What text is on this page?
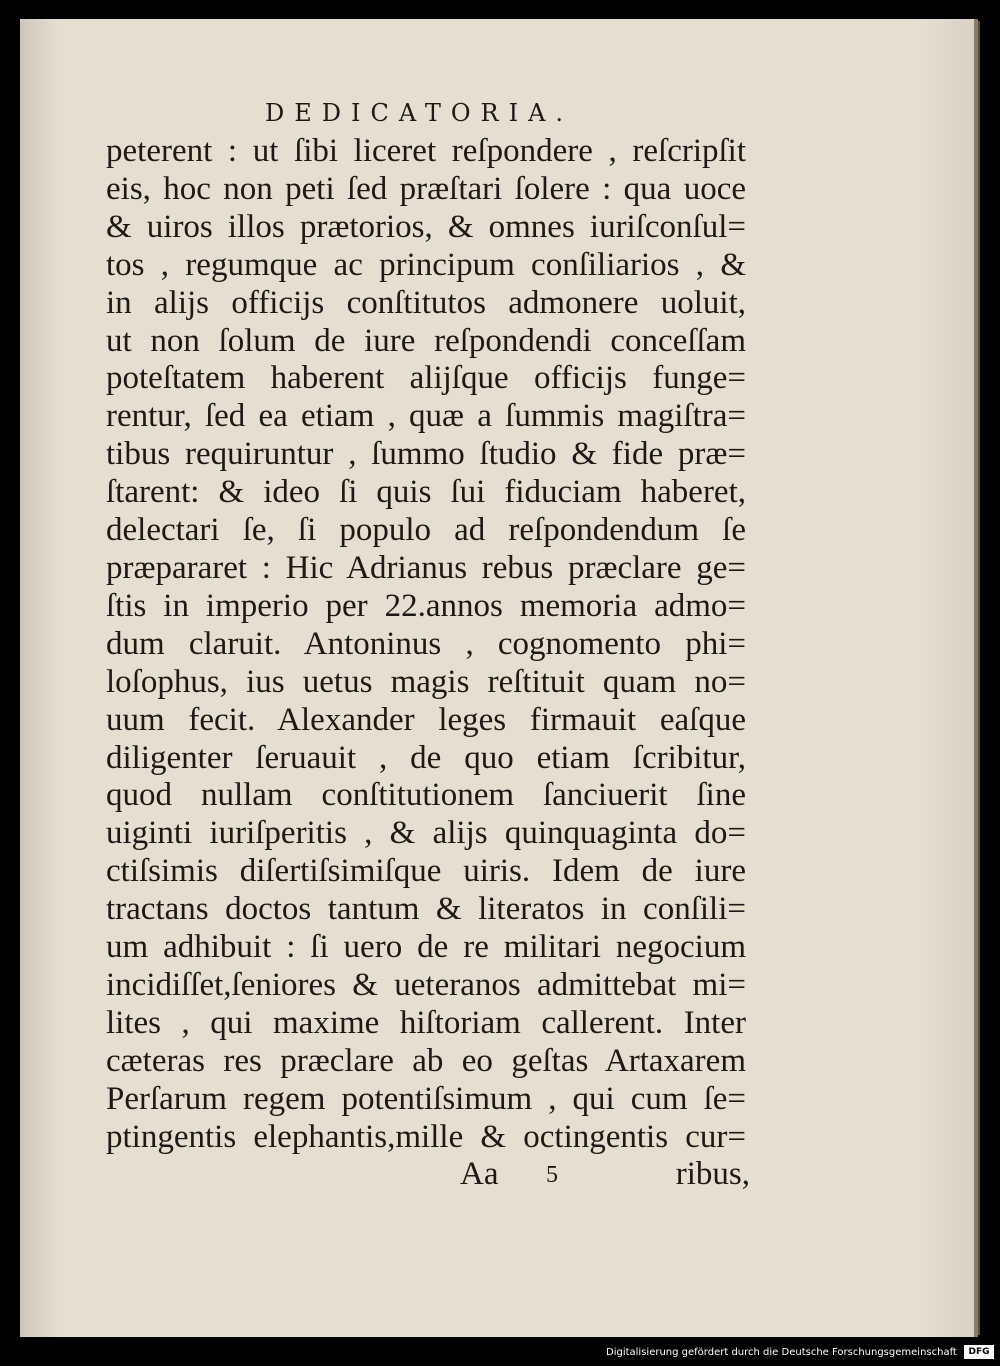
DEDICATORIA.
peterent : ut ſibi liceret reſpondere , reſcripſit
eis, hoc non peti ſed præſtari ſolere : qua uoce
& uiros illos prætorios, & omnes iuriſconſul=
tos , regumque ac principum conſiliarios , &
in alijs officijs conſtitutos admonere uoluit,
ut non ſolum de iure reſpondendi conceſſam
poteſtatem haberent alijſque officijs funge=
rentur, ſed ea etiam , quæ a ſummis magiſtra=
tibus requiruntur , ſummo ſtudio & fide præ=
ſtarent: & ideo ſi quis ſui fiduciam haberet,
delectari ſe, ſi populo ad reſpondendum ſe
præpararet : Hic Adrianus rebus præclare ge=
ſtis in imperio per 22.annos memoria admo=
dum claruit. Antoninus , cognomento phi=
loſophus, ius uetus magis reſtituit quam no=
uum fecit. Alexander leges firmauit eaſque
diligenter ſeruauit , de quo etiam ſcribitur,
quod nullam conſtitutionem ſanciuerit ſine
uiginti iuriſperitis , & alijs quinquaginta do=
ctiſsimis diſertiſsimiſque uiris. Idem de iure
tractans doctos tantum & literatos in conſili=
um adhibuit : ſi uero de re militari negocium
incidiſſet,ſeniores & ueteranos admittebat mi=
lites , qui maxime hiſtoriam callerent. Inter
cæteras res præclare ab eo geſtas Artaxarem
Perſarum regem potentiſsimum , qui cum ſe=
ptingentis elephantis,mille & octingentis cur=
Aa 5	ribus,
Digitalisierung gefördert durch die Deutsche Forschungsgemeinschaft	DFG
